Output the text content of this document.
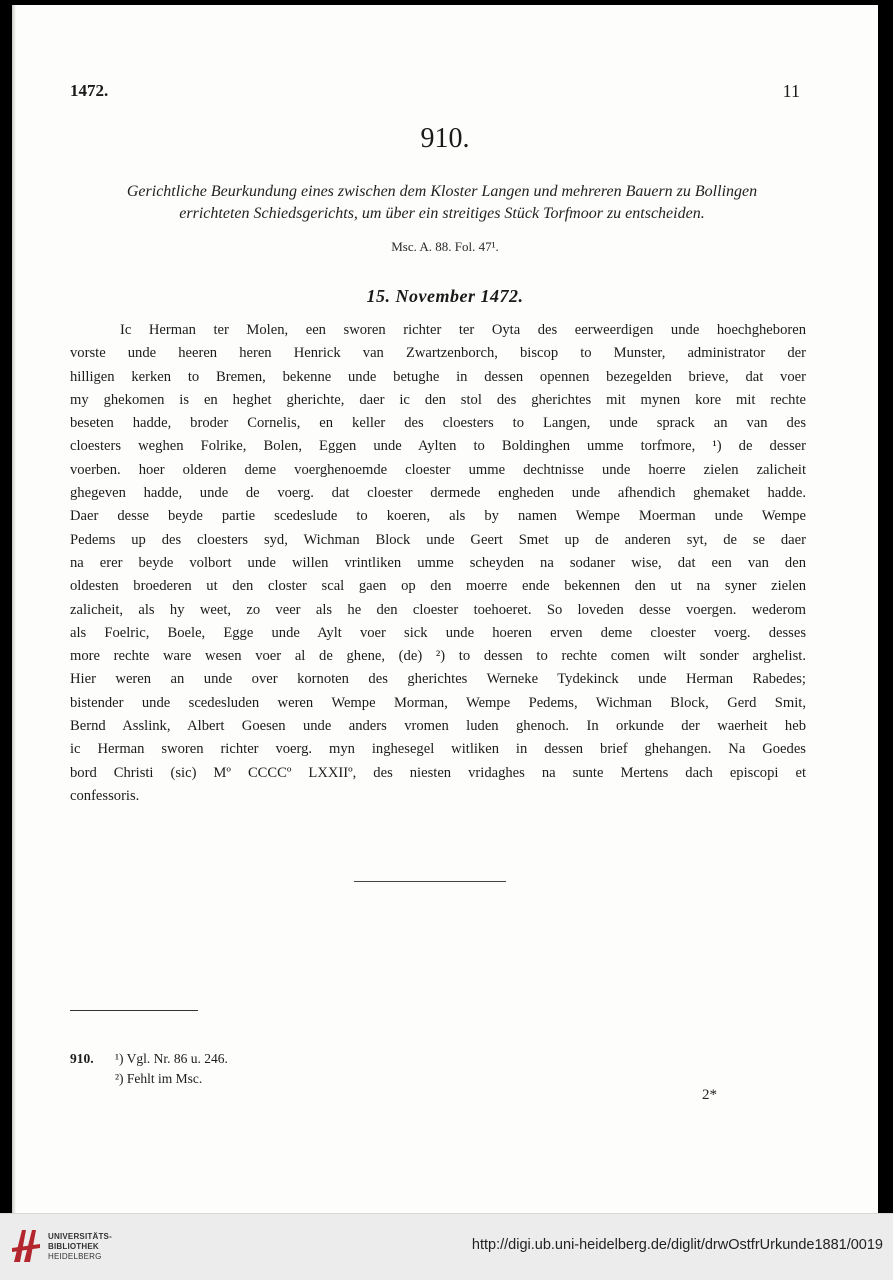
1472.	11
910.
Gerichtliche Beurkundung eines zwischen dem Kloster Langen und mehreren Bauern zu Bollingen
errichteten Schiedsgerichts, um über ein streitiges Stück Torfmoor zu entscheiden.
Msc. A. 88. Fol. 47¹.
15. November 1472.
Ic Herman ter Molen, een sworen richter ter Oyta des eerweerdigen unde hoechgheboren
vorste unde heeren heren Henrick van Zwartzenborch, biscop to Munster, administrator der
hilligen kerken to Bremen, bekenne unde betughe in dessen opennen bezegelden brieve, dat voer
my ghekomen is en heghet gherichte, daer ic den stol des gherichtes mit mynen kore mit rechte
beseten hadde, broder Cornelis, en keller des cloesters to Langen, unde sprack an van des
cloesters weghen Folrike, Bolen, Eggen unde Aylten to Boldinghen umme torfmore, ¹) de desser
voerben. hoer olderen deme voerghenoemde cloester umme dechtnisse unde hoerre zielen zalicheit
ghegeven hadde, unde de voerg. dat cloester dermede engheden unde afhendich ghemaket hadde.
Daer desse beyde partie scedeslude to koeren, als by namen Wempe Moerman unde Wempe
Pedems up des cloesters syd, Wichman Block unde Geert Smet up de anderen syt, de se daer
na erer beyde volbort unde willen vrintliken umme scheyden na sodaner wise, dat een van den
oldesten broederen ut den closter scal gaen op den moerre ende bekennen den ut na syner zielen
zalicheit, als hy weet, zo veer als he den cloester toehoeret. So loveden desse voergen. wederom
als Foelric, Boele, Egge unde Aylt voer sick unde hoeren erven deme cloester voerg. desses
more rechte ware wesen voer al de ghene, (de) ²) to dessen to rechte comen wilt sonder arghelist.
Hier weren an unde over kornoten des gherichtes Werneke Tydekinck unde Herman Rabedes;
bistender unde scedesluden weren Wempe Morman, Wempe Pedems, Wichman Block, Gerd Smit,
Bernd Asslink, Albert Goesen unde anders vromen luden ghenoch. In orkunde der waerheit heb
ic Herman sworen richter voerg. myn inghesegel witliken in dessen brief ghehangen. Na Goedes
bord Christi (sic) Mº CCCCº LXXIIº, des niesten vridaghes na sunte Mertens dach episcopi et
confessoris.
910. ¹) Vgl. Nr. 86 u. 246.
²) Fehlt im Msc.
2*
UNIVERSITÄTS-
BIBLIOTHEK
HEIDELBERG
http://digi.ub.uni-heidelberg.de/diglit/drwOstfrUrkunde1881/0019
